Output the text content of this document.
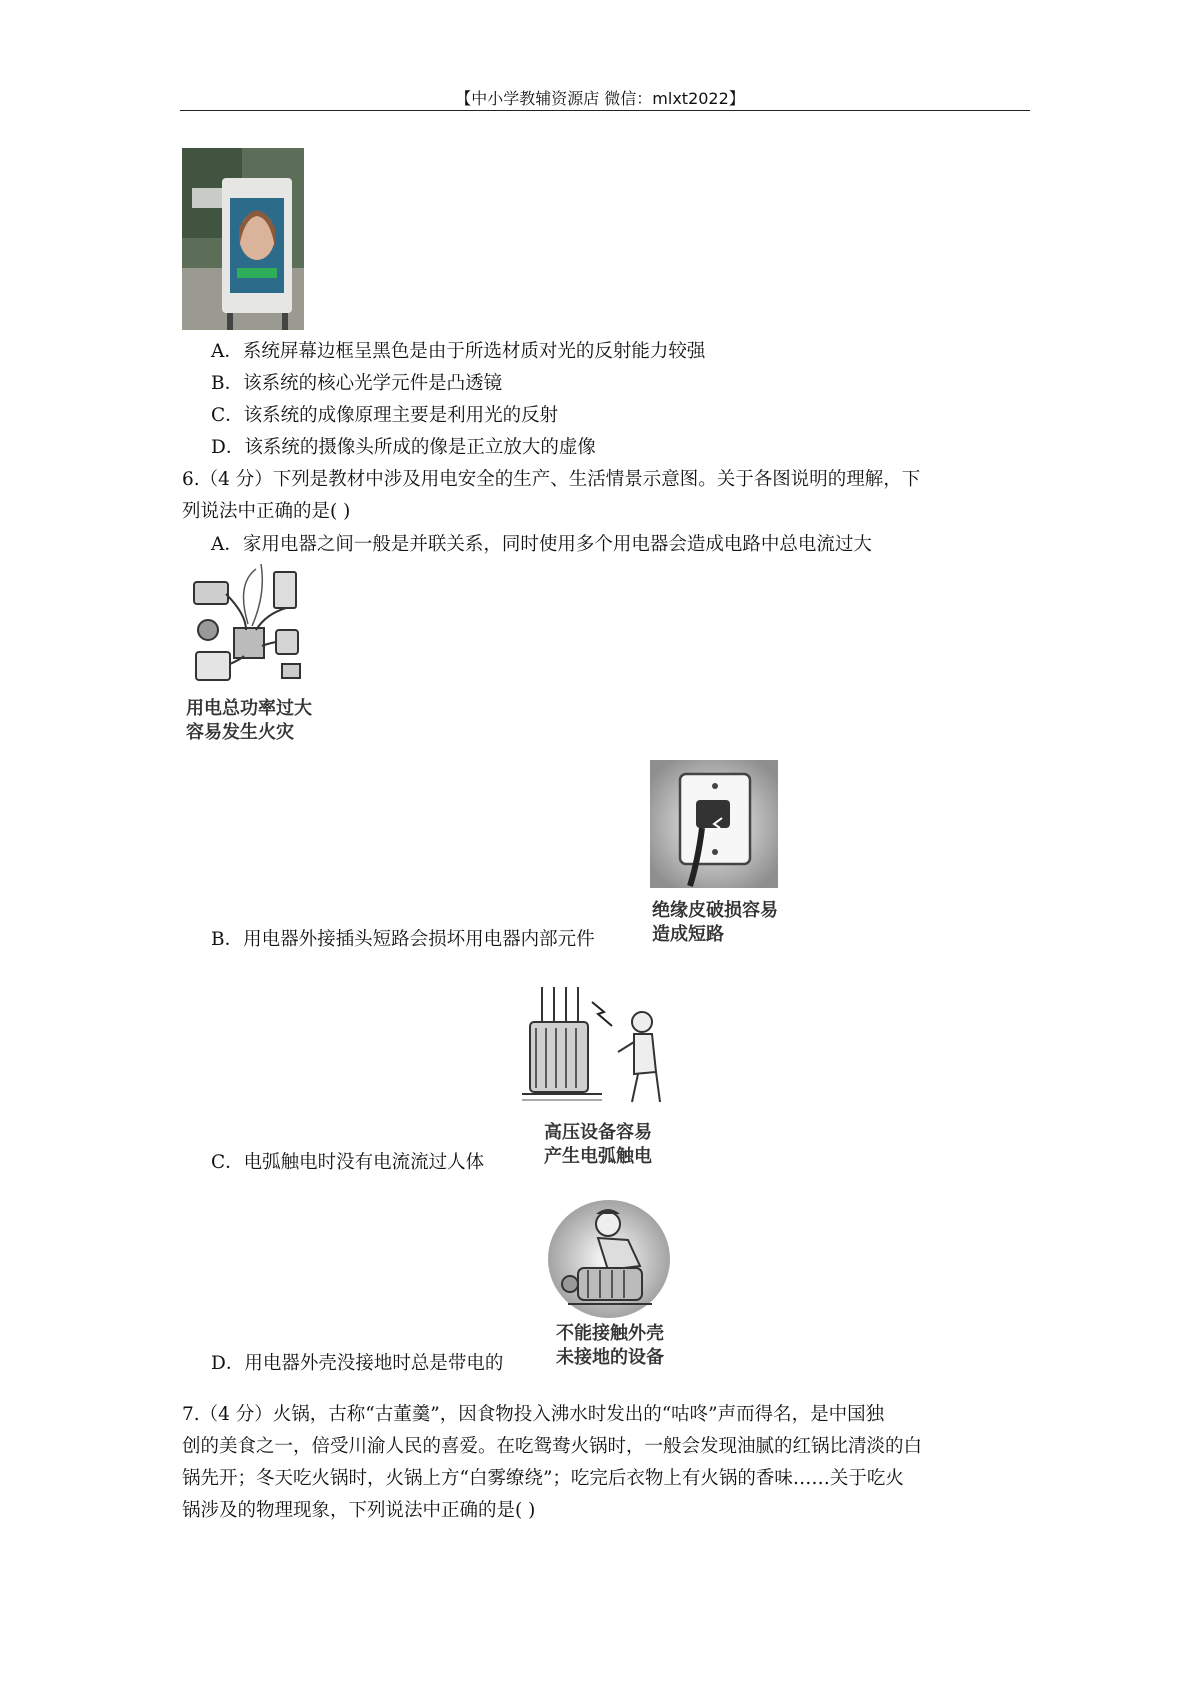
【中小学教辅资源店 微信：mlxt2022】
A．系统屏幕边框呈黑色是由于所选材质对光的反射能力较强
B．该系统的核心光学元件是凸透镜
C．该系统的成像原理主要是利用光的反射
D．该系统的摄像头所成的像是正立放大的虚像
6.（4 分）下列是教材中涉及用电安全的生产、生活情景示意图。关于各图说明的理解，下
列说法中正确的是( )
A．家用电器之间一般是并联关系，同时使用多个用电器会造成电路中总电流过大
用电总功率过大
容易发生火灾
绝缘皮破损容易
造成短路
B．用电器外接插头短路会损坏用电器内部元件
高压设备容易
产生电弧触电
C．电弧触电时没有电流流过人体
不能接触外壳
未接地的设备
D．用电器外壳没接地时总是带电的
7.（4 分）火锅，古称“古董羹”，因食物投入沸水时发出的“咕咚”声而得名，是中国独
创的美食之一，倍受川渝人民的喜爱。在吃鸳鸯火锅时，一般会发现油腻的红锅比清淡的白
锅先开；冬天吃火锅时，火锅上方“白雾缭绕”；吃完后衣物上有火锅的香味……关于吃火
锅涉及的物理现象，下列说法中正确的是( )
